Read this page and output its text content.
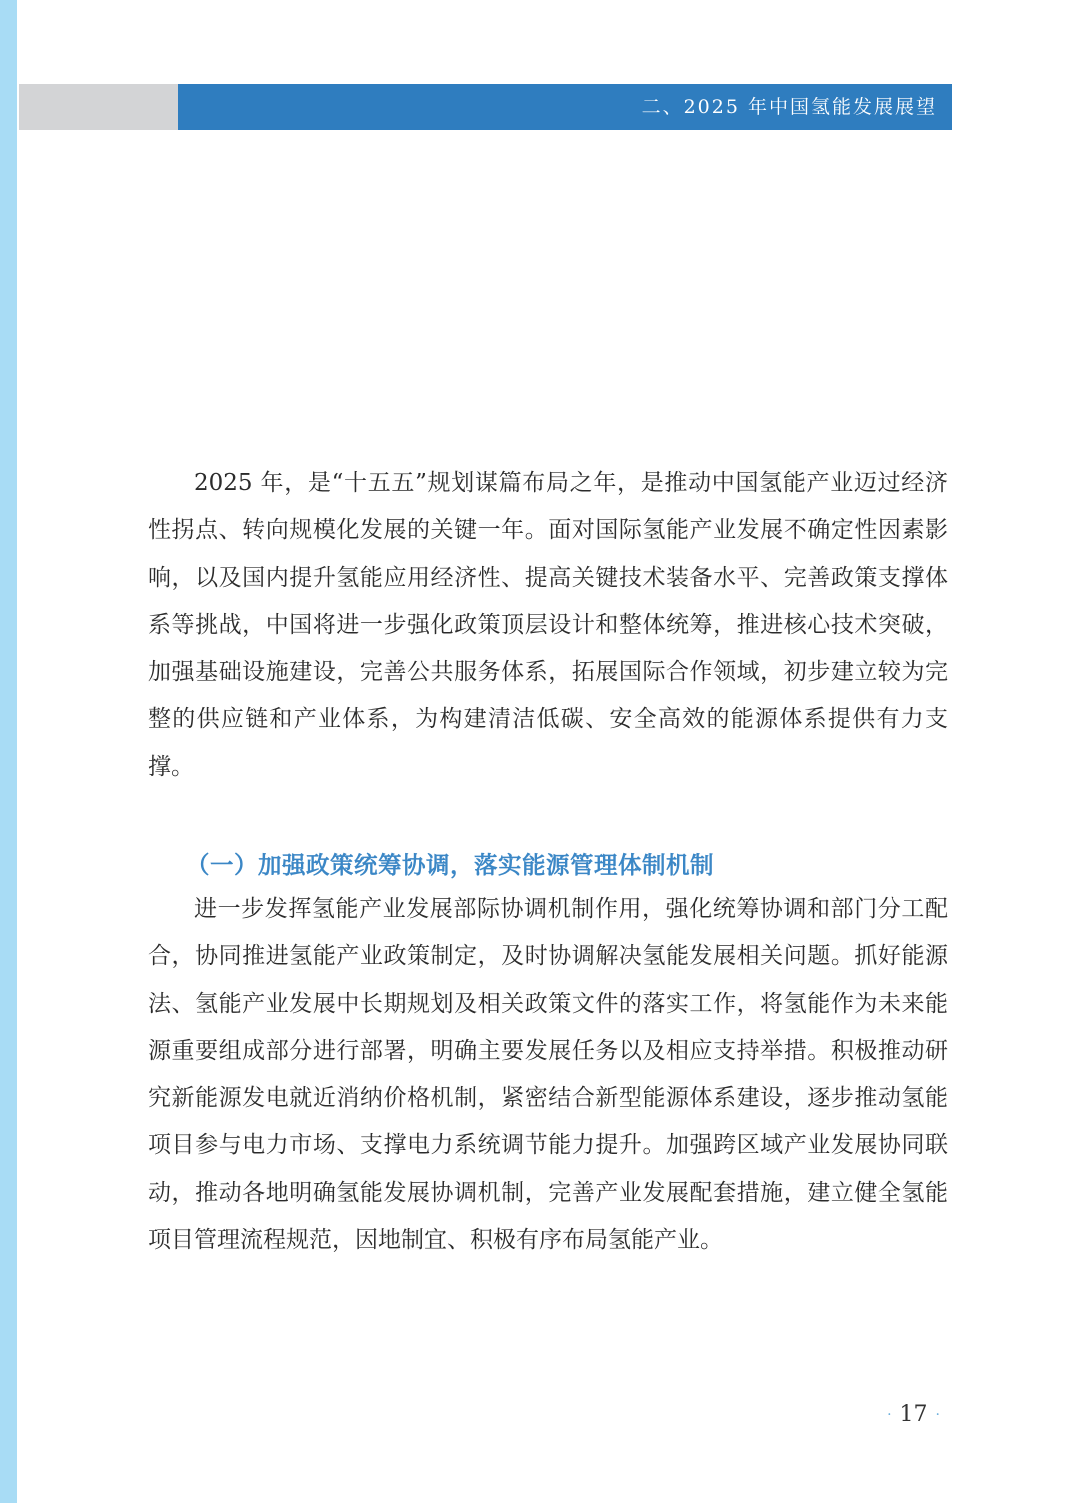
二、2025 年中国氢能发展展望

2025 年，是“十五五”规划谋篇布局之年，是推动中国氢能产业迈过经济性拐点、转向规模化发展的关键一年。面对国际氢能产业发展不确定性因素影响，以及国内提升氢能应用经济性、提高关键技术装备水平、完善政策支撑体系等挑战，中国将进一步强化政策顶层设计和整体统筹，推进核心技术突破，加强基础设施建设，完善公共服务体系，拓展国际合作领域，初步建立较为完整的供应链和产业体系，为构建清洁低碳、安全高效的能源体系提供有力支撑。

（一）加强政策统筹协调，落实能源管理体制机制

进一步发挥氢能产业发展部际协调机制作用，强化统筹协调和部门分工配合，协同推进氢能产业政策制定，及时协调解决氢能发展相关问题。抓好能源法、氢能产业发展中长期规划及相关政策文件的落实工作，将氢能作为未来能源重要组成部分进行部署，明确主要发展任务以及相应支持举措。积极推动研究新能源发电就近消纳价格机制，紧密结合新型能源体系建设，逐步推动氢能项目参与电力市场、支撑电力系统调节能力提升。加强跨区域产业发展协同联动，推动各地明确氢能发展协调机制，完善产业发展配套措施，建立健全氢能项目管理流程规范，因地制宜、积极有序布局氢能产业。

· 17 ·
